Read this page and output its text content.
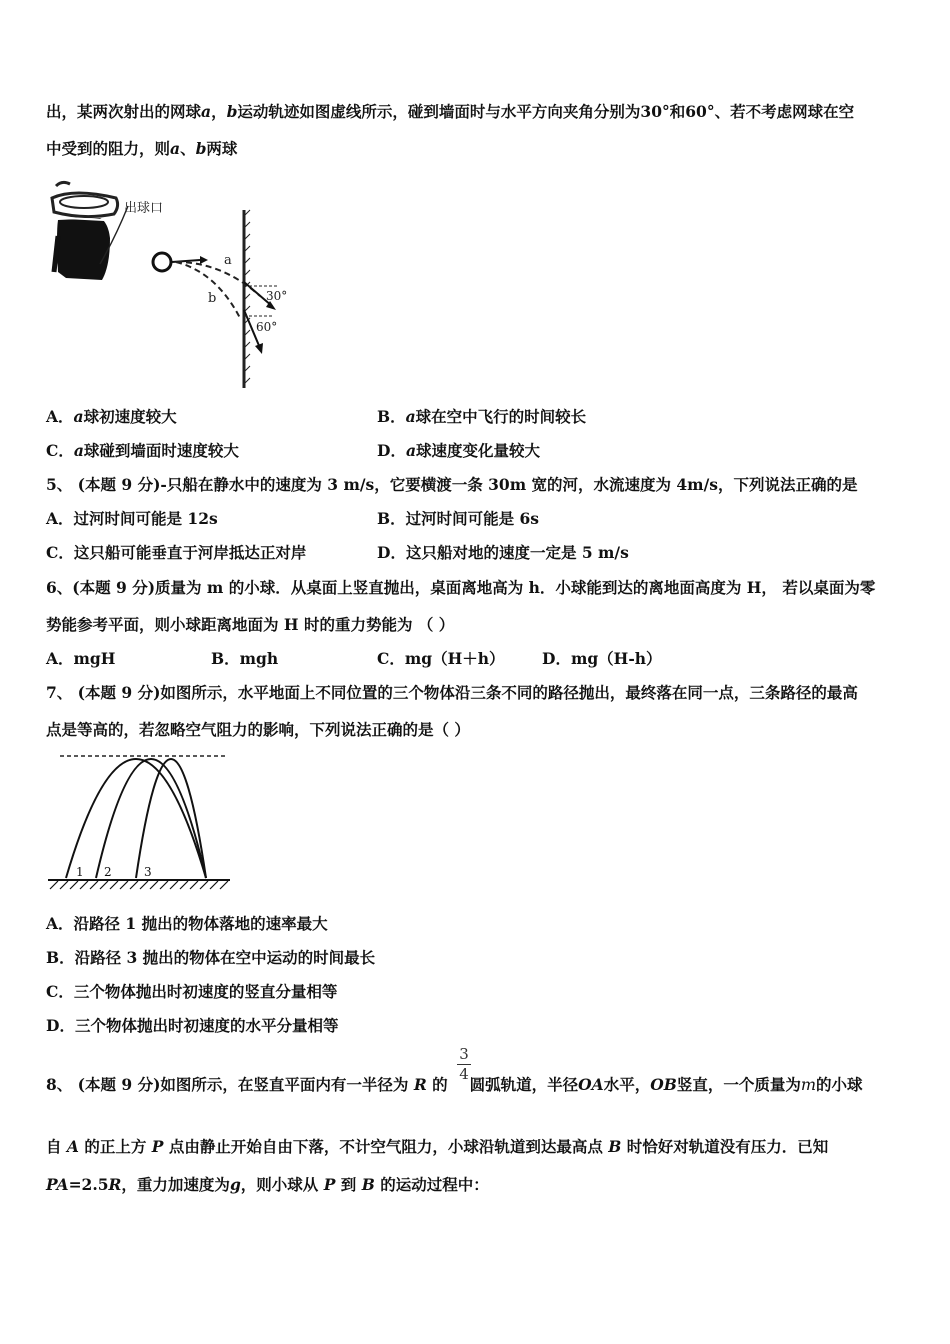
出，某两次射出的网球a，b运动轨迹如图虚线所示，碰到墙面时与水平方向夹角分别为30°和60°、若不考虑网球在空
中受到的阻力，则a、b两球
出球口
a
b	30°
60°
A．a球初速度较大	B．a球在空中飞行的时间较长
C．a球碰到墙面时速度较大	D．a球速度变化量较大
5、 (本题 9 分)-只船在静水中的速度为 3 m/s，它要横渡一条 30m 宽的河，水流速度为 4m/s，下列说法正确的是
A．过河时间可能是 12s	B．过河时间可能是 6s
C．这只船可能垂直于河岸抵达正对岸	D．这只船对地的速度一定是 5 m/s
6、(本题 9 分)质量为 m 的小球．从桌面上竖直抛出，桌面离地高为 h．小球能到达的离地面高度为 H， 若以桌面为零
势能参考平面，则小球距离地面为 H 时的重力势能为 （ ）
A．mgH	B．mgh	C．mg（H＋h） D．mg（H-h）
7、 (本题 9 分)如图所示，水平地面上不同位置的三个物体沿三条不同的路径抛出，最终落在同一点，三条路径的最高
点是等高的，若忽略空气阻力的影响，下列说法正确的是（ ）
1 2	3
A．沿路径 1 抛出的物体落地的速率最大
B．沿路径 3 抛出的物体在空中运动的时间最长
C．三个物体抛出时初速度的竖直分量相等
D．三个物体抛出时初速度的水平分量相等
8、 (本题 9 分)如图所示，在竖直平面内有一半径为 R 的 圆弧轨道，半径OA水平，OB竖直，一个质量为m的小球
3
4
自 A 的正上方 P 点由静止开始自由下落，不计空气阻力，小球沿轨道到达最高点 B 时恰好对轨道没有压力．已知
PA=2.5R，重力加速度为g，则小球从 P 到 B 的运动过程中：
